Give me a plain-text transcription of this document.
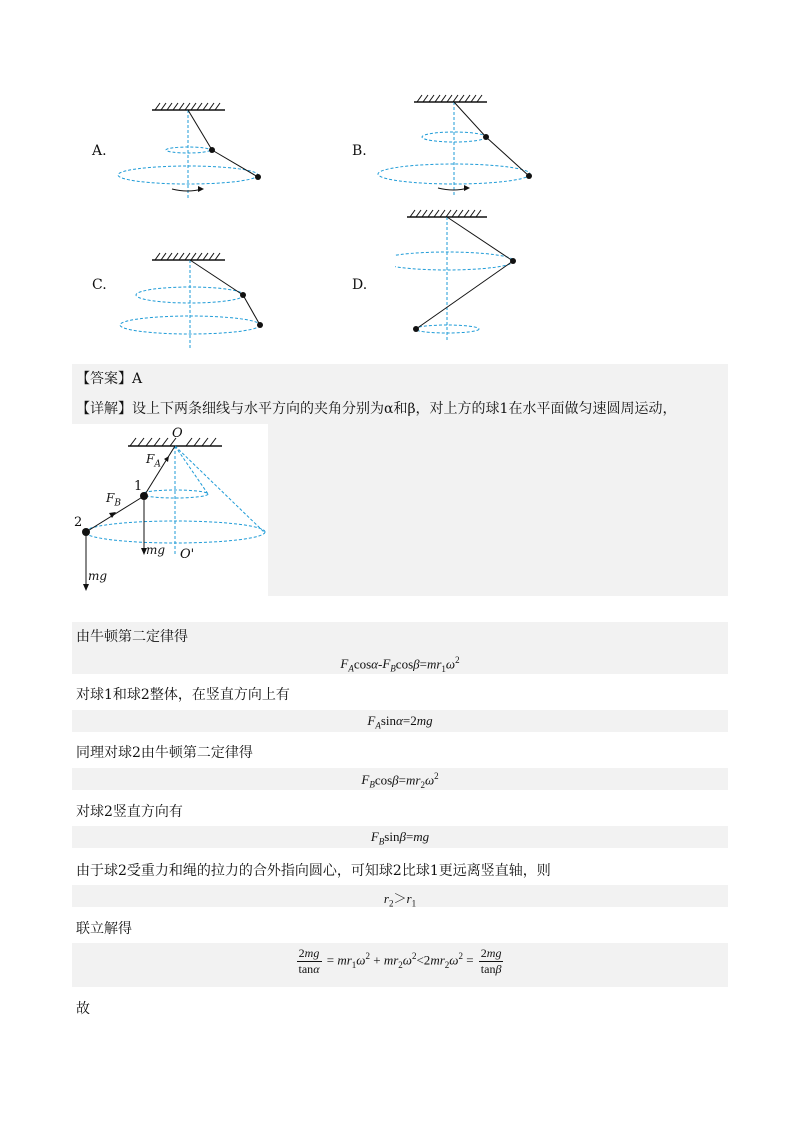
A.	B.
C.	D.
【答案】A
【详解】设上下两条细线与水平方向的夹角分别为α和β，对上方的球1在水平面做匀速圆周运动，
O
$F_A$
$F_B$
1
2
mg O'
mg
由牛顿第二定律得
$F_A\cos\alpha-F_B\cos\beta=mr_1\omega^2$
对球1和球2整体，在竖直方向上有
$F_A\sin\alpha=2mg$
同理对球2由牛顿第二定律得
$F_B\cos\beta=mr_2\omega^2$
对球2竖直方向有
$F_B\sin\beta=mg$
由于球2受重力和绳的拉力的合外指向圆心，可知球2比球1更远离竖直轴，则
$r_2>r_1$
联立解得
$\frac{2mg}{\tan\alpha} = mr_1\omega^2 + mr_2\omega^2<2mr_2\omega^2 = \frac{2mg}{\tan\beta}$
故
